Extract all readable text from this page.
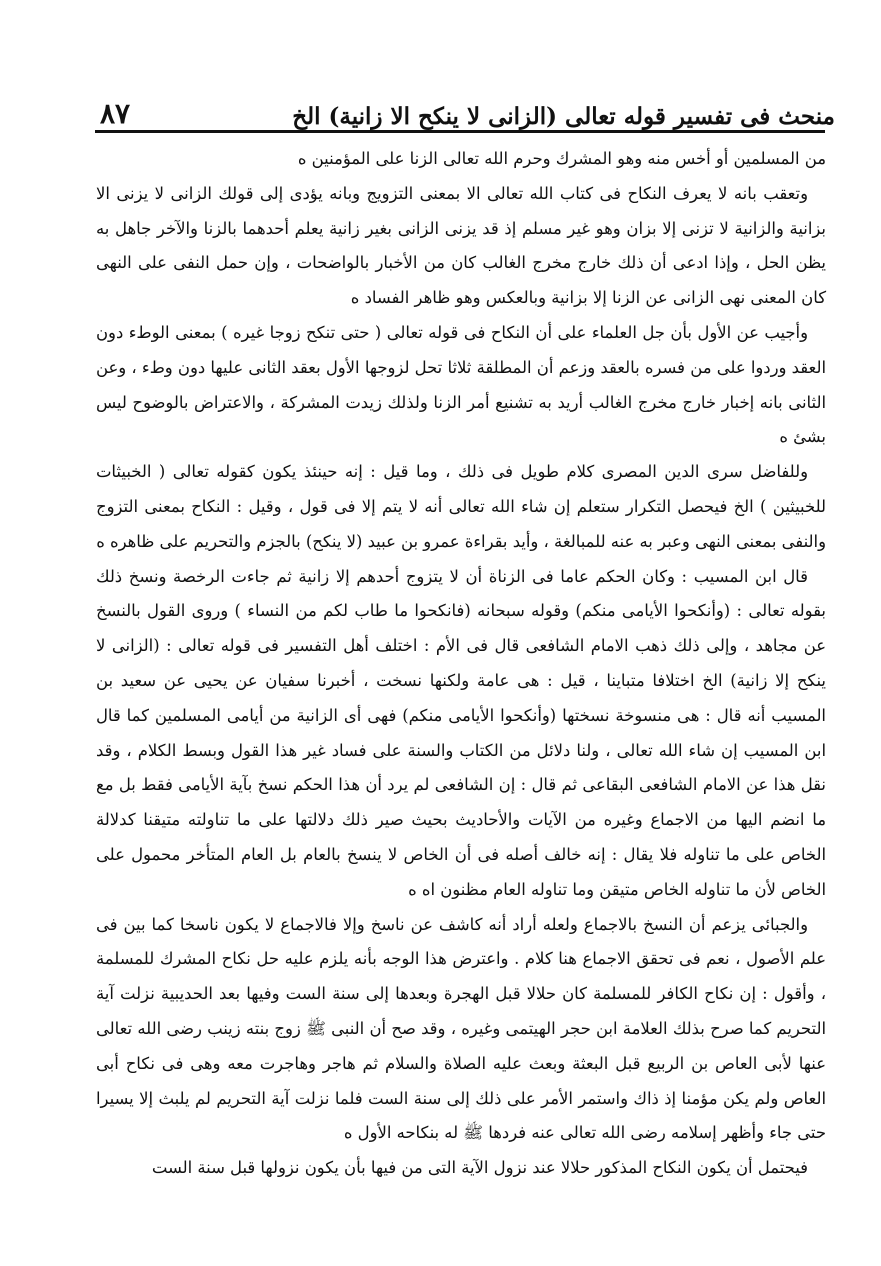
منحث فى تفسير قوله تعالى (الزانى لا ينكح الا زانية) الخ
٨٧

من المسلمين أو أخس منه وهو المشرك وحرم الله تعالى الزنا على المؤمنين ه

وتعقب بانه لا يعرف النكاح فى كتاب الله تعالى الا بمعنى التزويج وبانه يؤدى إلى قولك الزانى لا يزنى الا بزانية والزانية لا تزنى إلا بزان وهو غير مسلم إذ قد يزنى الزانى بغير زانية يعلم أحدهما بالزنا والآخر جاهل به يظن الحل ، وإذا ادعى أن ذلك خارج مخرج الغالب كان من الأخبار بالواضحات ، وإن حمل النفى على النهى كان المعنى نهى الزانى عن الزنا إلا بزانية وبالعكس وهو ظاهر الفساد ه

وأجيب عن الأول بأن جل العلماء على أن النكاح فى قوله تعالى ( حتى تنكح زوجا غيره ) بمعنى الوطء دون العقد وردوا على من فسره بالعقد وزعم أن المطلقة ثلاثا تحل لزوجها الأول بعقد الثانى عليها دون وطء ، وعن الثانى بانه إخبار خارج مخرج الغالب أريد به تشنيع أمر الزنا ولذلك زيدت المشركة ، والاعتراض بالوضوح ليس بشئ ه

وللفاضل سرى الدين المصرى كلام طويل فى ذلك ، وما قيل : إنه حينئذ يكون كقوله تعالى ( الخبيثات للخبيثين ) الخ فيحصل التكرار ستعلم إن شاء الله تعالى أنه لا يتم إلا فى قول ، وقيل : النكاح بمعنى التزوج والنفى بمعنى النهى وعبر به عنه للمبالغة ، وأيد بقراءة عمرو بن عبيد (لا ينكح) بالجزم والتحريم على ظاهره ه

قال ابن المسيب : وكان الحكم عاما فى الزناة أن لا يتزوج أحدهم إلا زانية ثم جاءت الرخصة ونسخ ذلك بقوله تعالى : (وأنكحوا الأيامى منكم) وقوله سبحانه (فانكحوا ما طاب لكم من النساء ) وروى القول بالنسخ عن مجاهد ، وإلى ذلك ذهب الامام الشافعى قال فى الأم : اختلف أهل التفسير فى قوله تعالى : (الزانى لا ينكح إلا زانية) الخ اختلافا متباينا ، قيل : هى عامة ولكنها نسخت ، أخبرنا سفيان عن يحيى عن سعيد بن المسيب أنه قال : هى منسوخة نسختها (وأنكحوا الأيامى منكم) فهى أى الزانية من أيامى المسلمين كما قال ابن المسيب إن شاء الله تعالى ، ولنا دلائل من الكتاب والسنة على فساد غير هذا القول وبسط الكلام ، وقد نقل هذا عن الامام الشافعى البقاعى ثم قال : إن الشافعى لم يرد أن هذا الحكم نسخ بآية الأيامى فقط بل مع ما انضم اليها من الاجماع وغيره من الآيات والأحاديث بحيث صير ذلك دلالتها على ما تناولته متيقنا كدلالة الخاص على ما تناوله فلا يقال : إنه خالف أصله فى أن الخاص لا ينسخ بالعام بل العام المتأخر محمول على الخاص لأن ما تناوله الخاص متيقن وما تناوله العام مظنون اه ه

والجبائى يزعم أن النسخ بالاجماع ولعله أراد أنه كاشف عن ناسخ وإلا فالاجماع لا يكون ناسخا كما بين فى علم الأصول ، نعم فى تحقق الاجماع هنا كلام . واعترض هذا الوجه بأنه يلزم عليه حل نكاح المشرك للمسلمة ، وأقول : إن نكاح الكافر للمسلمة كان حلالا قبل الهجرة وبعدها إلى سنة الست وفيها بعد الحديبية نزلت آية التحريم كما صرح بذلك العلامة ابن حجر الهيتمى وغيره ، وقد صح أن النبى ﷺ زوج بنته زينب رضى الله تعالى عنها لأبى العاص بن الربيع قبل البعثة وبعث عليه الصلاة والسلام ثم هاجر وهاجرت معه وهى فى نكاح أبى العاص ولم يكن مؤمنا إذ ذاك واستمر الأمر على ذلك إلى سنة الست فلما نزلت آية التحريم لم يلبث إلا يسيرا حتى جاء وأظهر إسلامه رضى الله تعالى عنه فردها ﷺ له بنكاحه الأول ه

فيحتمل أن يكون النكاح المذكور حلالا عند نزول الآية التى من فيها بأن يكون نزولها قبل سنة الست
